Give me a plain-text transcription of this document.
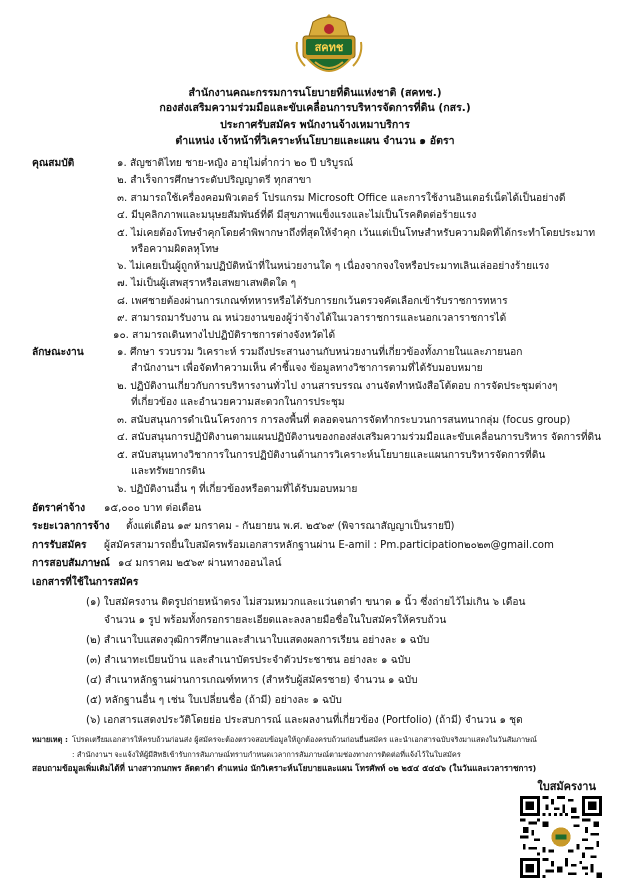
สคทช
สำนักงานคณะกรรมการนโยบายที่ดินแห่งชาติ (สคทช.)
กองส่งเสริมความร่วมมือและขับเคลื่อนการบริหารจัดการที่ดิน (กสร.)
ประกาศรับสมัคร พนักงานจ้างเหมาบริการ
ตำแหน่ง เจ้าหน้าที่วิเคราะห์นโยบายและแผน จำนวน ๑ อัตรา
คุณสมบัติ	๑. สัญชาติไทย ชาย-หญิง อายุไม่ต่ำกว่า ๒๐ ปี บริบูรณ์
๒. สำเร็จการศึกษาระดับปริญญาตรี ทุกสาขา
๓. สามารถใช้เครื่องคอมพิวเตอร์ โปรแกรม Microsoft Office และการใช้งานอินเตอร์เน็ตได้เป็นอย่างดี
๔. มีบุคลิกภาพและมนุษยสัมพันธ์ที่ดี มีสุขภาพแข็งแรงและไม่เป็นโรคติดต่อร้ายแรง
๕. ไม่เคยต้องโทษจำคุกโดยคำพิพากษาถึงที่สุดให้จำคุก เว้นแต่เป็นโทษสำหรับความผิดที่ได้กระทำโดยประมาท
หรือความผิดลหุโทษ
๖. ไม่เคยเป็นผู้ถูกห้ามปฏิบัติหน้าที่ในหน่วยงานใด ๆ เนื่องจากจงใจหรือประมาทเลินเล่ออย่างร้ายแรง
๗. ไม่เป็นผู้เสพสุราหรือเสพยาเสพติดใด ๆ
๘. เพศชายต้องผ่านการเกณฑ์ทหารหรือได้รับการยกเว้นตรวจคัดเลือกเข้ารับราชการทหาร
๙. สามารถมารับงาน ณ หน่วยงานของผู้ว่าจ้างได้ในเวลาราชการและนอกเวลาราชการได้
๑๐. สามารถเดินทางไปปฏิบัติราชการต่างจังหวัดได้
ลักษณะงาน	๑. ศึกษา รวบรวม วิเคราะห์ รวมถึงประสานงานกับหน่วยงานที่เกี่ยวข้องทั้งภายในและภายนอก
สำนักงานฯ เพื่อจัดทำความเห็น คำชี้แจง ข้อมูลทางวิชาการตามที่ได้รับมอบหมาย
๒. ปฏิบัติงานเกี่ยวกับการบริหารงานทั่วไป งานสารบรรณ งานจัดทำหนังสือโต้ตอบ การจัดประชุมต่างๆ
ที่เกี่ยวข้อง และอำนวยความสะดวกในการประชุม
๓. สนับสนุนการดำเนินโครงการ การลงพื้นที่ ตลอดจนการจัดทำกระบวนการสนทนากลุ่ม (focus group)
๔. สนับสนุนการปฏิบัติงานตามแผนปฏิบัติงานของกองส่งเสริมความร่วมมือและขับเคลื่อนการบริหาร จัดการที่ดิน
๕. สนับสนุนทางวิชาการในการปฏิบัติงานด้านการวิเคราะห์นโยบายและแผนการบริหารจัดการที่ดิน
และทรัพยากรดิน
๖. ปฏิบัติงานอื่น ๆ ที่เกี่ยวข้องหรือตามที่ได้รับมอบหมาย
อัตราค่าจ้าง ๑๕,๐๐๐ บาท ต่อเดือน
ระยะเวลาการจ้าง ตั้งแต่เดือน ๑๙ มกราคม - กันยายน พ.ศ. ๒๕๖๙ (พิจารณาสัญญาเป็นรายปี)
การรับสมัคร ผู้สมัครสามารถยื่นใบสมัครพร้อมเอกสารหลักฐานผ่าน E-amil : Pm.participation๒๐๒๓@gmail.com
การสอบสัมภาษณ์ ๑๔ มกราคม ๒๕๖๙ ผ่านทางออนไลน์
เอกสารที่ใช้ในการสมัคร
(๑) ใบสมัครงาน ติดรูปถ่ายหน้าตรง ไม่สวมหมวกและแว่นตาดำ ขนาด ๑ นิ้ว ซึ่งถ่ายไว้ไม่เกิน ๖ เดือน
จำนวน ๑ รูป พร้อมทั้งกรอกรายละเอียดและลงลายมือชื่อในใบสมัครให้ครบถ้วน
(๒) สำเนาใบแสดงวุฒิการศึกษาและสำเนาใบแสดงผลการเรียน อย่างละ ๑ ฉบับ
(๓) สำเนาทะเบียนบ้าน และสำเนาบัตรประจำตัวประชาชน อย่างละ ๑ ฉบับ
(๔) สำเนาหลักฐานผ่านการเกณฑ์ทหาร (สำหรับผู้สมัครชาย) จำนวน ๑ ฉบับ
(๕) หลักฐานอื่น ๆ เช่น ใบเปลี่ยนชื่อ (ถ้ามี) อย่างละ ๑ ฉบับ
(๖) เอกสารแสดงประวัติโดยย่อ ประสบการณ์ และผลงานที่เกี่ยวข้อง (Portfolio) (ถ้ามี) จำนวน ๑ ชุด
หมายเหตุ : โปรดเตรียมเอกสารให้ครบถ้วนก่อนส่ง ผู้สมัครจะต้องตรวจสอบข้อมูลให้ถูกต้องครบถ้วนก่อนยื่นสมัคร และนำเอกสารฉบับจริงมาแสดงในวันสัมภาษณ์
: สำนักงานฯ จะแจ้งให้ผู้มีสิทธิเข้ารับการสัมภาษณ์ทราบกำหนดเวลาการสัมภาษณ์ตามช่องทางการติดต่อที่แจ้งไว้ในใบสมัคร
สอบถามข้อมูลเพิ่มเติมได้ที่ นางสาวกนกพร ลัดดาดำ ตำแหน่ง นักวิเคราะห์นโยบายและแผน โทรศัพท์ ๐๒ ๒๕๔ ๕๔๔๖ (ในวันและเวลาราชการ)
ใบสมัครงาน
